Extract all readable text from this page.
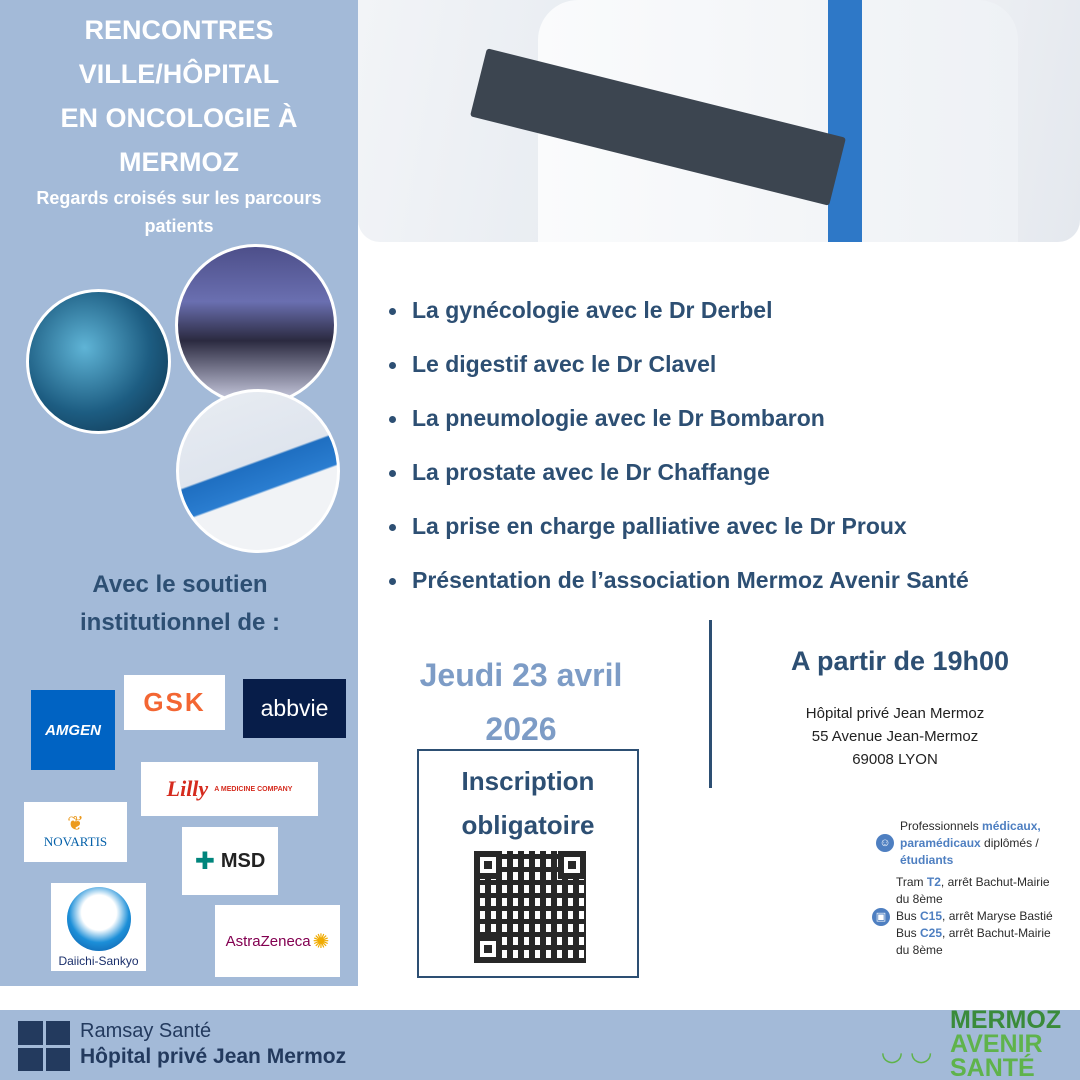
RENCONTRES
VILLE/HÔPITAL
EN ONCOLOGIE À
MERMOZ
Regards croisés sur les parcours patients
Avec le soutien institutionnel de :
AMGEN
GSK	abbvie
Lilly A MEDICINE COMPANY
❦
NOVARTIS
✚ MSD
Daiichi-Sankyo
AstraZeneca ✺
La gynécologie avec le Dr Derbel
Le digestif avec le Dr Clavel
La pneumologie avec le Dr Bombaron
La prostate avec le Dr Chaffange
La prise en charge palliative avec le Dr Proux
Présentation de l’association Mermoz Avenir Santé
Jeudi 23 avril
2026
A partir de 19h00
Hôpital privé Jean Mermoz
55 Avenue Jean-Mermoz
69008 LYON
Inscription
obligatoire
☺
Professionnels médicaux, paramédicaux diplômés / étudiants
▣
Tram T2, arrêt Bachut-Mairie du 8ème
Bus C15, arrêt Maryse Bastié
Bus C25, arrêt Bachut-Mairie du 8ème
Ramsay Santé
Hôpital privé Jean Mermoz	◡ ◡
MERMOZ
AVENIR
SANTÉ
